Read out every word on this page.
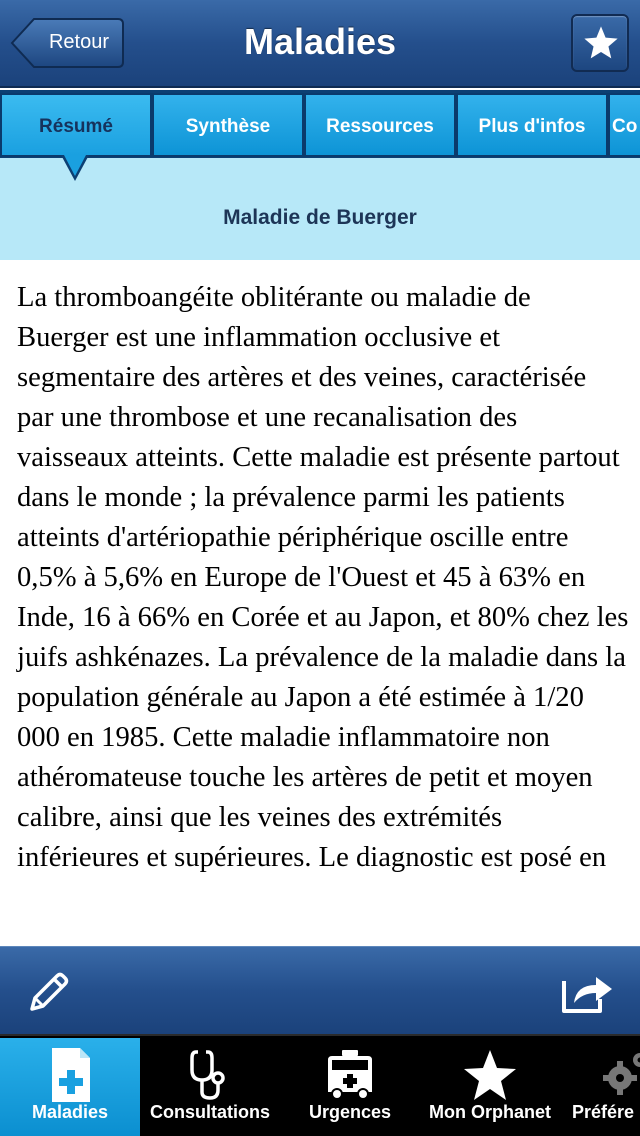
Retour	Maladies
Résumé	Synthèse	Ressources	Plus d'infos	Co
Maladie de Buerger

La thromboangéite oblitérante ou maladie de Buerger est une inflammation occlusive et segmentaire des artères et des veines, caractérisée par une thrombose et une recanalisation des vaisseaux atteints. Cette maladie est présente partout dans le monde ; la prévalence parmi les patients atteints d'artériopathie périphérique oscille entre 0,5% à 5,6% en Europe de l'Ouest et 45 à 63% en Inde, 16 à 66% en Corée et au Japon, et 80% chez les juifs ashkénazes. La prévalence de la maladie dans la population générale au Japon a été estimée à 1/20 000 en 1985. Cette maladie inflammatoire non athéromateuse touche les artères de petit et moyen calibre, ainsi que les veines des extrémités inférieures et supérieures. Le diagnostic est posé en

Maladies	Consultations	Urgences	Mon Orphanet	Préfére
